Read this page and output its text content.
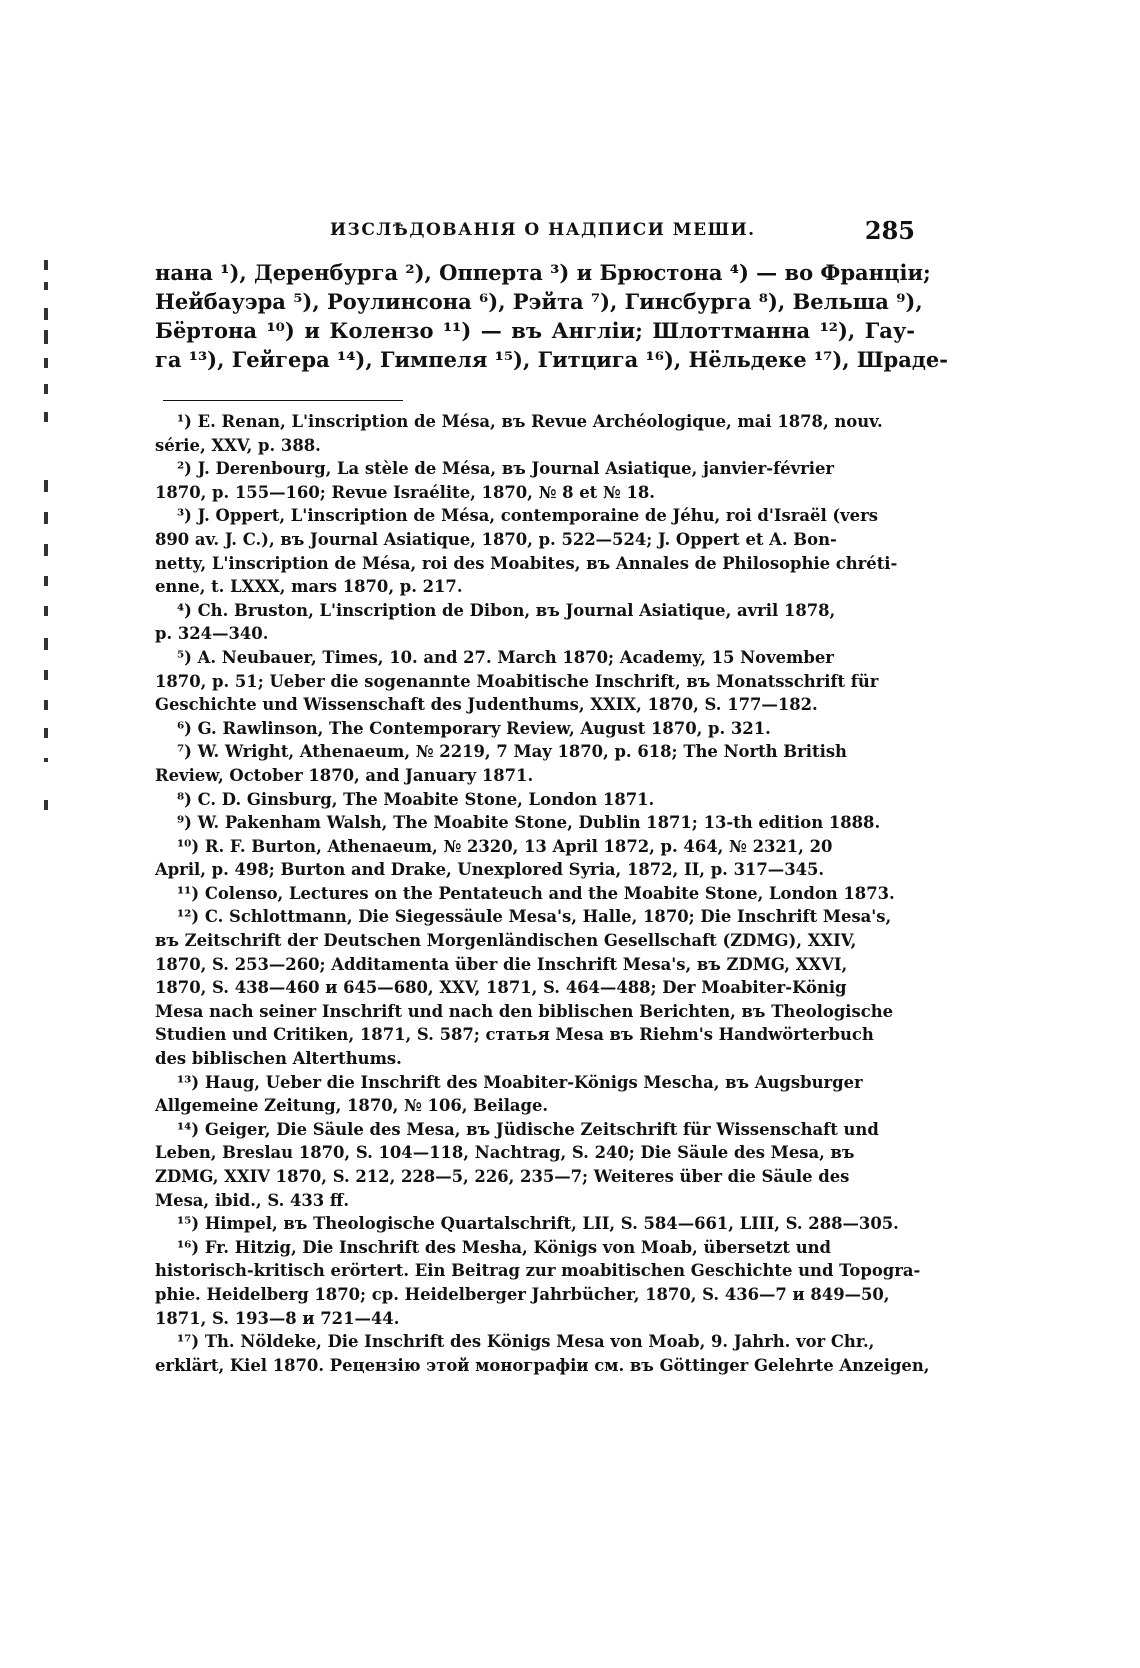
ИЗСЛѢДОВАНІЯ О НАДПИСИ МЕШИ.	285
нана ¹), Деренбурга ²), Опперта ³) и Брюстона ⁴) — во Франціи;
Нейбауэра ⁵), Роулинсона ⁶), Рэйта ⁷), Гинсбурга ⁸), Вельша ⁹),
Бёртона ¹⁰) и Колензо ¹¹) — въ Англіи; Шлоттманна ¹²), Гау-
га ¹³), Гейгера ¹⁴), Гимпеля ¹⁵), Гитцига ¹⁶), Нёльдеке ¹⁷), Шраде-
¹) E. Renan, L'inscription de Mésa, въ Revue Archéologique, mai 1878, nouv.
série, XXV, p. 388.
²) J. Derenbourg, La stèle de Mésa, въ Journal Asiatique, janvier-février
1870, p. 155—160; Revue Israélite, 1870, № 8 et № 18.
³) J. Oppert, L'inscription de Mésa, contemporaine de Jéhu, roi d'Israël (vers
890 av. J. C.), въ Journal Asiatique, 1870, p. 522—524; J. Oppert et A. Bon-
netty, L'inscription de Mésa, roi des Moabites, въ Annales de Philosophie chréti-
enne, t. LXXX, mars 1870, p. 217.
⁴) Ch. Bruston, L'inscription de Dibon, въ Journal Asiatique, avril 1878,
p. 324—340.
⁵) A. Neubauer, Times, 10. and 27. March 1870; Academy, 15 November
1870, p. 51; Ueber die sogenannte Moabitische Inschrift, въ Monatsschrift für
Geschichte und Wissenschaft des Judenthums, XXIX, 1870, S. 177—182.
⁶) G. Rawlinson, The Contemporary Review, August 1870, p. 321.
⁷) W. Wright, Athenaeum, № 2219, 7 May 1870, p. 618; The North British
Review, October 1870, and January 1871.
⁸) C. D. Ginsburg, The Moabite Stone, London 1871.
⁹) W. Pakenham Walsh, The Moabite Stone, Dublin 1871; 13-th edition 1888.
¹⁰) R. F. Burton, Athenaeum, № 2320, 13 April 1872, p. 464, № 2321, 20
April, p. 498; Burton and Drake, Unexplored Syria, 1872, II, p. 317—345.
¹¹) Colenso, Lectures on the Pentateuch and the Moabite Stone, London 1873.
¹²) C. Schlottmann, Die Siegessäule Mesa's, Halle, 1870; Die Inschrift Mesa's,
въ Zeitschrift der Deutschen Morgenländischen Gesellschaft (ZDMG), XXIV,
1870, S. 253—260; Additamenta über die Inschrift Mesa's, въ ZDMG, XXVI,
1870, S. 438—460 и 645—680, XXV, 1871, S. 464—488; Der Moabiter-König
Mesa nach seiner Inschrift und nach den biblischen Berichten, въ Theologische
Studien und Critiken, 1871, S. 587; статья Mesa въ Riehm's Handwörterbuch
des biblischen Alterthums.
¹³) Haug, Ueber die Inschrift des Moabiter-Königs Mescha, въ Augsburger
Allgemeine Zeitung, 1870, № 106, Beilage.
¹⁴) Geiger, Die Säule des Mesa, въ Jüdische Zeitschrift für Wissenschaft und
Leben, Breslau 1870, S. 104—118, Nachtrag, S. 240; Die Säule des Mesa, въ
ZDMG, XXIV 1870, S. 212, 228—5, 226, 235—7; Weiteres über die Säule des
Mesa, ibid., S. 433 ff.
¹⁵) Himpel, въ Theologische Quartalschrift, LII, S. 584—661, LIII, S. 288—305.
¹⁶) Fr. Hitzig, Die Inschrift des Mesha, Königs von Moab, übersetzt und
historisch-kritisch erörtert. Ein Beitrag zur moabitischen Geschichte und Topogra-
phie. Heidelberg 1870; ср. Heidelberger Jahrbücher, 1870, S. 436—7 и 849—50,
1871, S. 193—8 и 721—44.
¹⁷) Th. Nöldeke, Die Inschrift des Königs Mesa von Moab, 9. Jahrh. vor Chr.,
erklärt, Kiel 1870. Рецензію этой монографіи см. въ Göttinger Gelehrte Anzeigen,
